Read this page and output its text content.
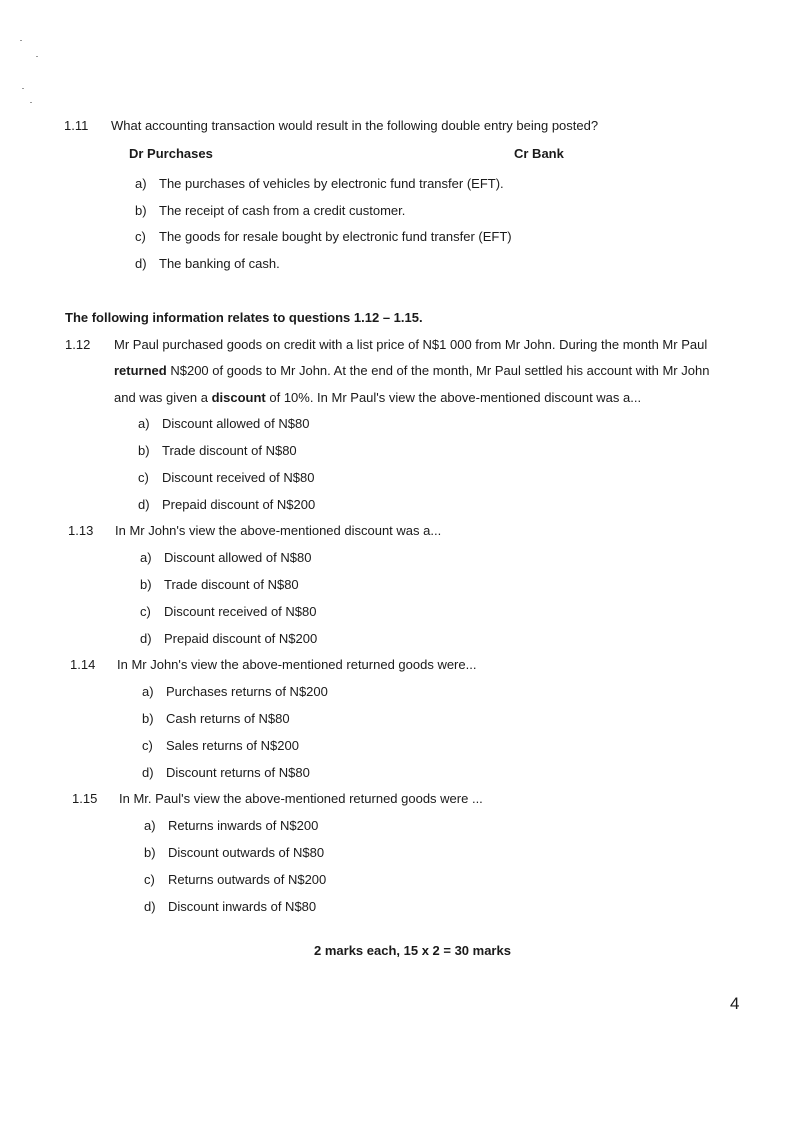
1.11 What accounting transaction would result in the following double entry being posted?
Dr Purchases	Cr Bank
a) The purchases of vehicles by electronic fund transfer (EFT).
b) The receipt of cash from a credit customer.
c) The goods for resale bought by electronic fund transfer (EFT)
d) The banking of cash.
The following information relates to questions 1.12 – 1.15.
1.12 Mr Paul purchased goods on credit with a list price of N$1 000 from Mr John. During the month Mr Paul
returned N$200 of goods to Mr John. At the end of the month, Mr Paul settled his account with Mr John
and was given a discount of 10%. In Mr Paul's view the above-mentioned discount was a...
a) Discount allowed of N$80
b) Trade discount of N$80
c) Discount received of N$80
d) Prepaid discount of N$200
1.13 In Mr John's view the above-mentioned discount was a...
a) Discount allowed of N$80
b) Trade discount of N$80
c) Discount received of N$80
d) Prepaid discount of N$200
1.14 In Mr John's view the above-mentioned returned goods were...
a) Purchases returns of N$200
b) Cash returns of N$80
c) Sales returns of N$200
d) Discount returns of N$80
1.15 In Mr. Paul's view the above-mentioned returned goods were ...
a) Returns inwards of N$200
b) Discount outwards of N$80
c) Returns outwards of N$200
d) Discount inwards of N$80
2 marks each, 15 x 2 = 30 marks
4
